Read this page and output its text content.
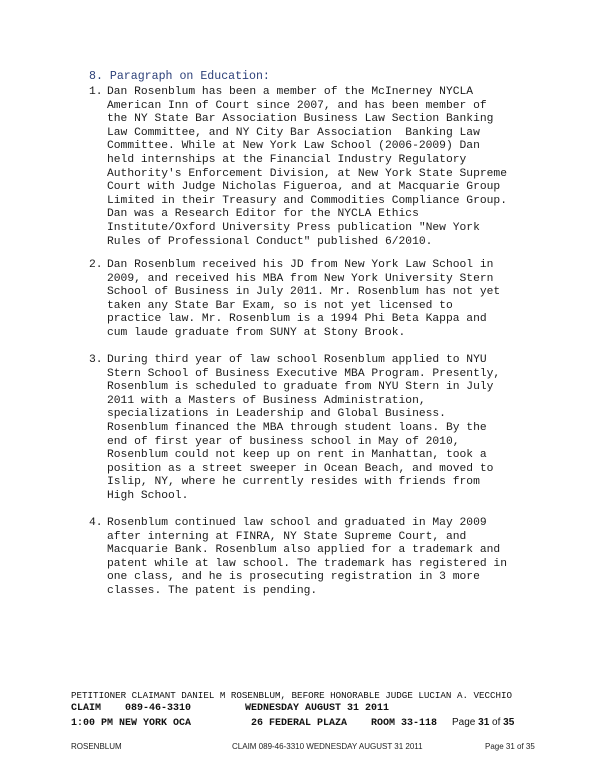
8. Paragraph on Education:
1. Dan Rosenblum has been a member of the McInerney NYCLA
American Inn of Court since 2007, and has been member of
the NY State Bar Association Business Law Section Banking
Law Committee, and NY City Bar Association  Banking Law
Committee. While at New York Law School (2006-2009) Dan
held internships at the Financial Industry Regulatory
Authority's Enforcement Division, at New York State Supreme
Court with Judge Nicholas Figueroa, and at Macquarie Group
Limited in their Treasury and Commodities Compliance Group.
Dan was a Research Editor for the NYCLA Ethics
Institute/Oxford University Press publication "New York
Rules of Professional Conduct" published 6/2010.
2. Dan Rosenblum received his JD from New York Law School in
2009, and received his MBA from New York University Stern
School of Business in July 2011. Mr. Rosenblum has not yet
taken any State Bar Exam, so is not yet licensed to
practice law. Mr. Rosenblum is a 1994 Phi Beta Kappa and
cum laude graduate from SUNY at Stony Brook.
3. During third year of law school Rosenblum applied to NYU
Stern School of Business Executive MBA Program. Presently,
Rosenblum is scheduled to graduate from NYU Stern in July
2011 with a Masters of Business Administration,
specializations in Leadership and Global Business.
Rosenblum financed the MBA through student loans. By the
end of first year of business school in May of 2010,
Rosenblum could not keep up on rent in Manhattan, took a
position as a street sweeper in Ocean Beach, and moved to
Islip, NY, where he currently resides with friends from
High School.
4. Rosenblum continued law school and graduated in May 2009
after interning at FINRA, NY State Supreme Court, and
Macquarie Bank. Rosenblum also applied for a trademark and
patent while at law school. The trademark has registered in
one class, and he is prosecuting registration in 3 more
classes. The patent is pending.
PETITIONER CLAIMANT DANIEL M ROSENBLUM, BEFORE HONORABLE JUDGE LUCIAN A. VECCHIO
CLAIM    089-46-3310         WEDNESDAY AUGUST 31 2011
1:00 PM NEW YORK OCA          26 FEDERAL PLAZA    ROOM 33-118 Page 31 of 35
ROSENBLUM	CLAIM 089-46-3310 WEDNESDAY AUGUST 31 2011	Page 31 of 35
